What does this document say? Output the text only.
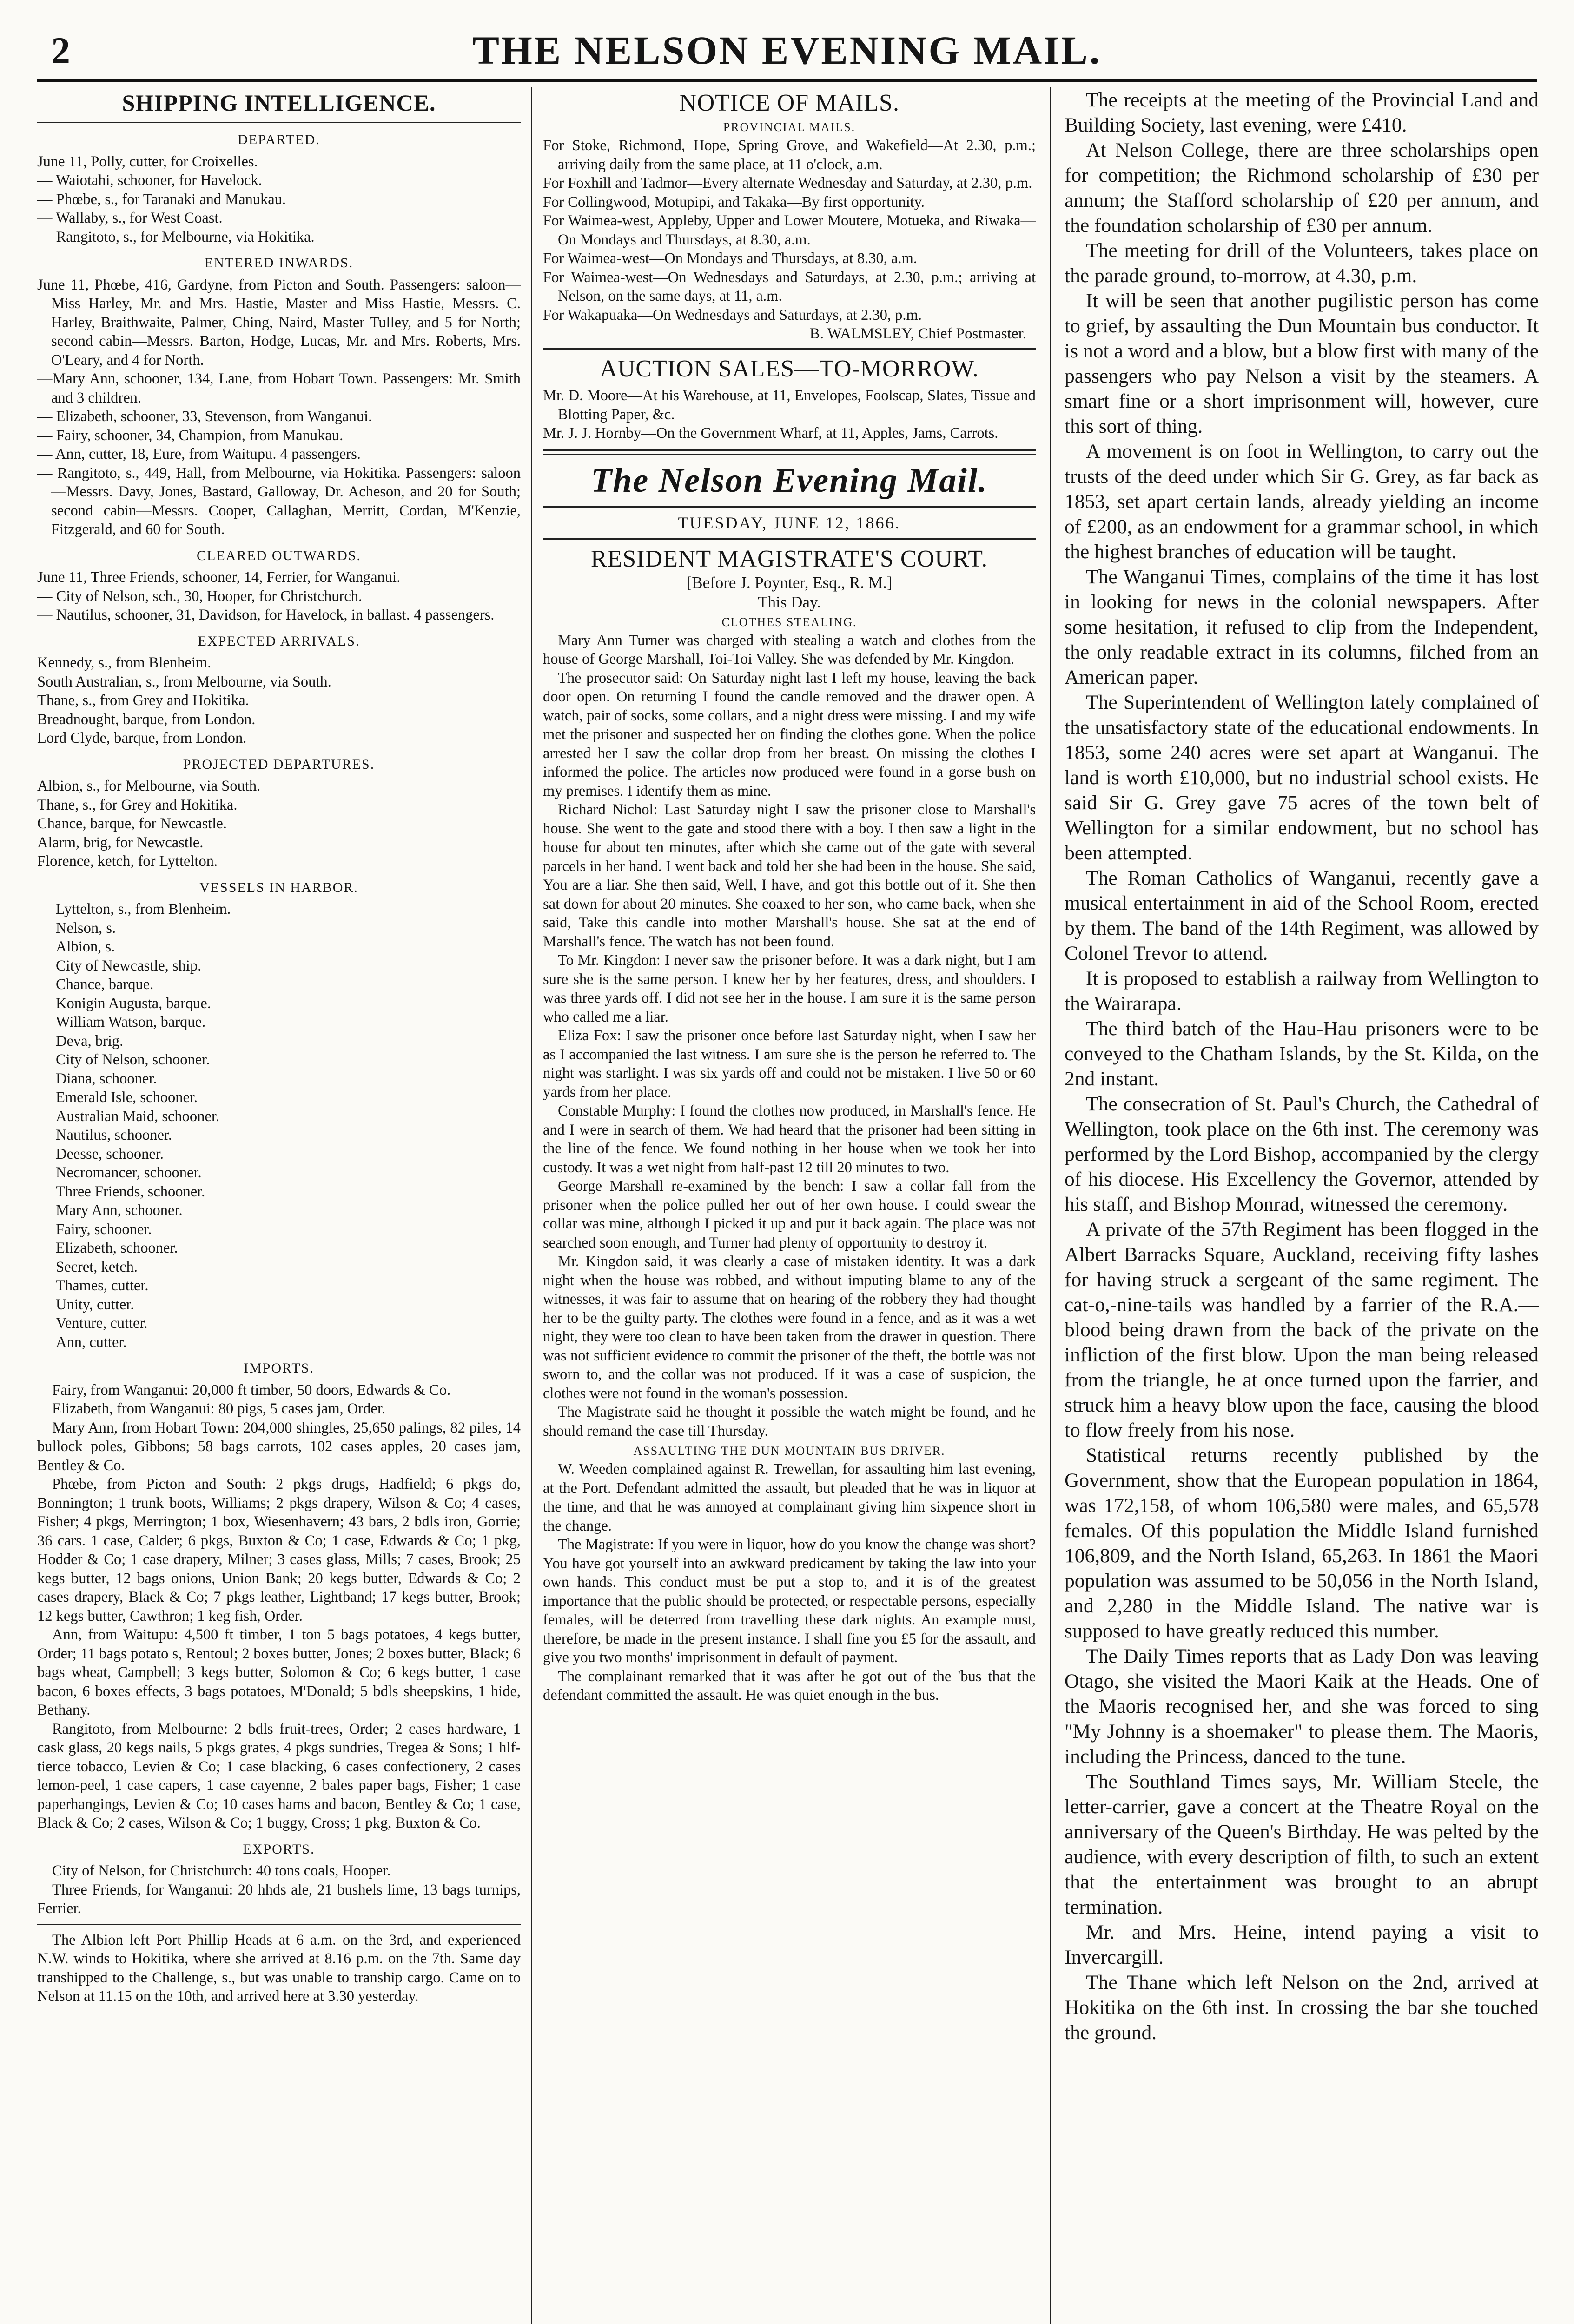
2	THE NELSON EVENING MAIL.
SHIPPING INTELLIGENCE.
DEPARTED.

June 11, Polly, cutter, for Croixelles.

— Waiotahi, schooner, for Havelock.

— Phœbe, s., for Taranaki and Manukau.

— Wallaby, s., for West Coast.

— Rangitoto, s., for Melbourne, via Hokitika.

ENTERED INWARDS.

June 11, Phœbe, 416, Gardyne, from Picton and South. Passengers: saloon—Miss Harley, Mr. and Mrs. Hastie, Master and Miss Hastie, Messrs. C. Harley, Braithwaite, Palmer, Ching, Naird, Master Tulley, and 5 for North; second cabin—Messrs. Barton, Hodge, Lucas, Mr. and Mrs. Roberts, Mrs. O'Leary, and 4 for North.

—Mary Ann, schooner, 134, Lane, from Hobart Town. Passengers: Mr. Smith and 3 children.

— Elizabeth, schooner, 33, Stevenson, from Wanganui.

— Fairy, schooner, 34, Champion, from Manukau.

— Ann, cutter, 18, Eure, from Waitupu. 4 passengers.

— Rangitoto, s., 449, Hall, from Melbourne, via Hokitika. Passengers: saloon—Messrs. Davy, Jones, Bastard, Galloway, Dr. Acheson, and 20 for South; second cabin—Messrs. Cooper, Callaghan, Merritt, Cordan, M'Kenzie, Fitzgerald, and 60 for South.

CLEARED OUTWARDS.

June 11, Three Friends, schooner, 14, Ferrier, for Wanganui.

— City of Nelson, sch., 30, Hooper, for Christchurch.

— Nautilus, schooner, 31, Davidson, for Havelock, in ballast. 4 passengers.

EXPECTED ARRIVALS.

Kennedy, s., from Blenheim.

South Australian, s., from Melbourne, via South.

Thane, s., from Grey and Hokitika.

Breadnought, barque, from London.

Lord Clyde, barque, from London.

PROJECTED DEPARTURES.

Albion, s., for Melbourne, via South.

Thane, s., for Grey and Hokitika.

Chance, barque, for Newcastle.

Alarm, brig, for Newcastle.

Florence, ketch, for Lyttelton.

VESSELS IN HARBOR.

Lyttelton, s., from Blenheim.

Nelson, s.

Albion, s.

City of Newcastle, ship.

Chance, barque.

Konigin Augusta, barque.

William Watson, barque.

Deva, brig.

City of Nelson, schooner.

Diana, schooner.

Emerald Isle, schooner.

Australian Maid, schooner.

Nautilus, schooner.

Deesse, schooner.

Necromancer, schooner.

Three Friends, schooner.

Mary Ann, schooner.

Fairy, schooner.

Elizabeth, schooner.

Secret, ketch.

Thames, cutter.

Unity, cutter.

Venture, cutter.

Ann, cutter.

IMPORTS.

Fairy, from Wanganui: 20,000 ft timber, 50 doors, Edwards & Co.

Elizabeth, from Wanganui: 80 pigs, 5 cases jam, Order.

Mary Ann, from Hobart Town: 204,000 shingles, 25,650 palings, 82 piles, 14 bullock poles, Gibbons; 58 bags carrots, 102 cases apples, 20 cases jam, Bentley & Co.

Phœbe, from Picton and South: 2 pkgs drugs, Hadfield; 6 pkgs do, Bonnington; 1 trunk boots, Williams; 2 pkgs drapery, Wilson & Co; 4 cases, Fisher; 4 pkgs, Merrington; 1 box, Wiesenhavern; 43 bars, 2 bdls iron, Gorrie; 36 cars. 1 case, Calder; 6 pkgs, Buxton & Co; 1 case, Edwards & Co; 1 pkg, Hodder & Co; 1 case drapery, Milner; 3 cases glass, Mills; 7 cases, Brook; 25 kegs butter, 12 bags onions, Union Bank; 20 kegs butter, Edwards & Co; 2 cases drapery, Black & Co; 7 pkgs leather, Lightband; 17 kegs butter, Brook; 12 kegs butter, Cawthron; 1 keg fish, Order.

Ann, from Waitupu: 4,500 ft timber, 1 ton 5 bags potatoes, 4 kegs butter, Order; 11 bags potato s, Rentoul; 2 boxes butter, Jones; 2 boxes butter, Black; 6 bags wheat, Campbell; 3 kegs butter, Solomon & Co; 6 kegs butter, 1 case bacon, 6 boxes effects, 3 bags potatoes, M'Donald; 5 bdls sheepskins, 1 hide, Bethany.

Rangitoto, from Melbourne: 2 bdls fruit-trees, Order; 2 cases hardware, 1 cask glass, 20 kegs nails, 5 pkgs grates, 4 pkgs sundries, Tregea & Sons; 1 hlf-tierce tobacco, Levien & Co; 1 case blacking, 6 cases confectionery, 2 cases lemon-peel, 1 case capers, 1 case cayenne, 2 bales paper bags, Fisher; 1 case paperhangings, Levien & Co; 10 cases hams and bacon, Bentley & Co; 1 case, Black & Co; 2 cases, Wilson & Co; 1 buggy, Cross; 1 pkg, Buxton & Co.

EXPORTS.

City of Nelson, for Christchurch: 40 tons coals, Hooper.

Three Friends, for Wanganui: 20 hhds ale, 21 bushels lime, 13 bags turnips, Ferrier.

The Albion left Port Phillip Heads at 6 a.m. on the 3rd, and experienced N.W. winds to Hokitika, where she arrived at 8.16 p.m. on the 7th. Same day transhipped to the Challenge, s., but was unable to tranship cargo. Came on to Nelson at 11.15 on the 10th, and arrived here at 3.30 yesterday.

NOTICE OF MAILS.
PROVINCIAL MAILS.

For Stoke, Richmond, Hope, Spring Grove, and Wakefield—At 2.30, p.m.; arriving daily from the same place, at 11 o'clock, a.m.

For Foxhill and Tadmor—Every alternate Wednesday and Saturday, at 2.30, p.m.

For Collingwood, Motupipi, and Takaka—By first opportunity.

For Waimea-west, Appleby, Upper and Lower Moutere, Motueka, and Riwaka—On Mondays and Thursdays, at 8.30, a.m.

For Waimea-west—On Mondays and Thursdays, at 8.30, a.m.

For Waimea-west—On Wednesdays and Saturdays, at 2.30, p.m.; arriving at Nelson, on the same days, at 11, a.m.

For Wakapuaka—On Wednesdays and Saturdays, at 2.30, p.m.

B. WALMSLEY, Chief Postmaster.
AUCTION SALES—TO-MORROW.

Mr. D. Moore—At his Warehouse, at 11, Envelopes, Foolscap, Slates, Tissue and Blotting Paper, &c.

Mr. J. J. Hornby—On the Government Wharf, at 11, Apples, Jams, Carrots.

The Nelson Evening Mail.
TUESDAY, JUNE 12, 1866.
RESIDENT MAGISTRATE'S COURT.
[Before J. Poynter, Esq., R. M.]
This Day.
CLOTHES STEALING.

Mary Ann Turner was charged with stealing a watch and clothes from the house of George Marshall, Toi-Toi Valley. She was defended by Mr. Kingdon.

The prosecutor said: On Saturday night last I left my house, leaving the back door open. On returning I found the candle removed and the drawer open. A watch, pair of socks, some collars, and a night dress were missing. I and my wife met the prisoner and suspected her on finding the clothes gone. When the police arrested her I saw the collar drop from her breast. On missing the clothes I informed the police. The articles now produced were found in a gorse bush on my premises. I identify them as mine.

Richard Nichol: Last Saturday night I saw the prisoner close to Marshall's house. She went to the gate and stood there with a boy. I then saw a light in the house for about ten minutes, after which she came out of the gate with several parcels in her hand. I went back and told her she had been in the house. She said, You are a liar. She then said, Well, I have, and got this bottle out of it. She then sat down for about 20 minutes. She coaxed to her son, who came back, when she said, Take this candle into mother Marshall's house. She sat at the end of Marshall's fence. The watch has not been found.

To Mr. Kingdon: I never saw the prisoner before. It was a dark night, but I am sure she is the same person. I knew her by her features, dress, and shoulders. I was three yards off. I did not see her in the house. I am sure it is the same person who called me a liar.

Eliza Fox: I saw the prisoner once before last Saturday night, when I saw her as I accompanied the last witness. I am sure she is the person he referred to. The night was starlight. I was six yards off and could not be mistaken. I live 50 or 60 yards from her place.

Constable Murphy: I found the clothes now produced, in Marshall's fence. He and I were in search of them. We had heard that the prisoner had been sitting in the line of the fence. We found nothing in her house when we took her into custody. It was a wet night from half-past 12 till 20 minutes to two.

George Marshall re-examined by the bench: I saw a collar fall from the prisoner when the police pulled her out of her own house. I could swear the collar was mine, although I picked it up and put it back again. The place was not searched soon enough, and Turner had plenty of opportunity to destroy it.

Mr. Kingdon said, it was clearly a case of mistaken identity. It was a dark night when the house was robbed, and without imputing blame to any of the witnesses, it was fair to assume that on hearing of the robbery they had thought her to be the guilty party. The clothes were found in a fence, and as it was a wet night, they were too clean to have been taken from the drawer in question. There was not sufficient evidence to commit the prisoner of the theft, the bottle was not sworn to, and the collar was not produced. If it was a case of suspicion, the clothes were not found in the woman's possession.

The Magistrate said he thought it possible the watch might be found, and he should remand the case till Thursday.

ASSAULTING THE DUN MOUNTAIN BUS DRIVER.

W. Weeden complained against R. Trewellan, for assaulting him last evening, at the Port. Defendant admitted the assault, but pleaded that he was in liquor at the time, and that he was annoyed at complainant giving him sixpence short in the change.

The Magistrate: If you were in liquor, how do you know the change was short? You have got yourself into an awkward predicament by taking the law into your own hands. This conduct must be put a stop to, and it is of the greatest importance that the public should be protected, or respectable persons, especially females, will be deterred from travelling these dark nights. An example must, therefore, be made in the present instance. I shall fine you £5 for the assault, and give you two months' imprisonment in default of payment.

The complainant remarked that it was after he got out of the 'bus that the defendant committed the assault. He was quiet enough in the bus.

The receipts at the meeting of the Provincial Land and Building Society, last evening, were £410.

At Nelson College, there are three scholarships open for competition; the Richmond scholarship of £30 per annum; the Stafford scholarship of £20 per annum, and the foundation scholarship of £30 per annum.

The meeting for drill of the Volunteers, takes place on the parade ground, to-morrow, at 4.30, p.m.

It will be seen that another pugilistic person has come to grief, by assaulting the Dun Mountain bus conductor. It is not a word and a blow, but a blow first with many of the passengers who pay Nelson a visit by the steamers. A smart fine or a short imprisonment will, however, cure this sort of thing.

A movement is on foot in Wellington, to carry out the trusts of the deed under which Sir G. Grey, as far back as 1853, set apart certain lands, already yielding an income of £200, as an endowment for a grammar school, in which the highest branches of education will be taught.

The Wanganui Times, complains of the time it has lost in looking for news in the colonial newspapers. After some hesitation, it refused to clip from the Independent, the only readable extract in its columns, filched from an American paper.

The Superintendent of Wellington lately complained of the unsatisfactory state of the educational endowments. In 1853, some 240 acres were set apart at Wanganui. The land is worth £10,000, but no industrial school exists. He said Sir G. Grey gave 75 acres of the town belt of Wellington for a similar endowment, but no school has been attempted.

The Roman Catholics of Wanganui, recently gave a musical entertainment in aid of the School Room, erected by them. The band of the 14th Regiment, was allowed by Colonel Trevor to attend.

It is proposed to establish a railway from Wellington to the Wairarapa.

The third batch of the Hau-Hau prisoners were to be conveyed to the Chatham Islands, by the St. Kilda, on the 2nd instant.

The consecration of St. Paul's Church, the Cathedral of Wellington, took place on the 6th inst. The ceremony was performed by the Lord Bishop, accompanied by the clergy of his diocese. His Excellency the Governor, attended by his staff, and Bishop Monrad, witnessed the ceremony.

A private of the 57th Regiment has been flogged in the Albert Barracks Square, Auckland, receiving fifty lashes for having struck a sergeant of the same regiment. The cat-o,-nine-tails was handled by a farrier of the R.A.—blood being drawn from the back of the private on the infliction of the first blow. Upon the man being released from the triangle, he at once turned upon the farrier, and struck him a heavy blow upon the face, causing the blood to flow freely from his nose.

Statistical returns recently published by the Government, show that the European population in 1864, was 172,158, of whom 106,580 were males, and 65,578 females. Of this population the Middle Island furnished 106,809, and the North Island, 65,263. In 1861 the Maori population was assumed to be 50,056 in the North Island, and 2,280 in the Middle Island. The native war is supposed to have greatly reduced this number.

The Daily Times reports that as Lady Don was leaving Otago, she visited the Maori Kaik at the Heads. One of the Maoris recognised her, and she was forced to sing "My Johnny is a shoemaker" to please them. The Maoris, including the Princess, danced to the tune.

The Southland Times says, Mr. William Steele, the letter-carrier, gave a concert at the Theatre Royal on the anniversary of the Queen's Birthday. He was pelted by the audience, with every description of filth, to such an extent that the entertainment was brought to an abrupt termination.

Mr. and Mrs. Heine, intend paying a visit to Invercargill.

The Thane which left Nelson on the 2nd, arrived at Hokitika on the 6th inst. In crossing the bar she touched the ground.
